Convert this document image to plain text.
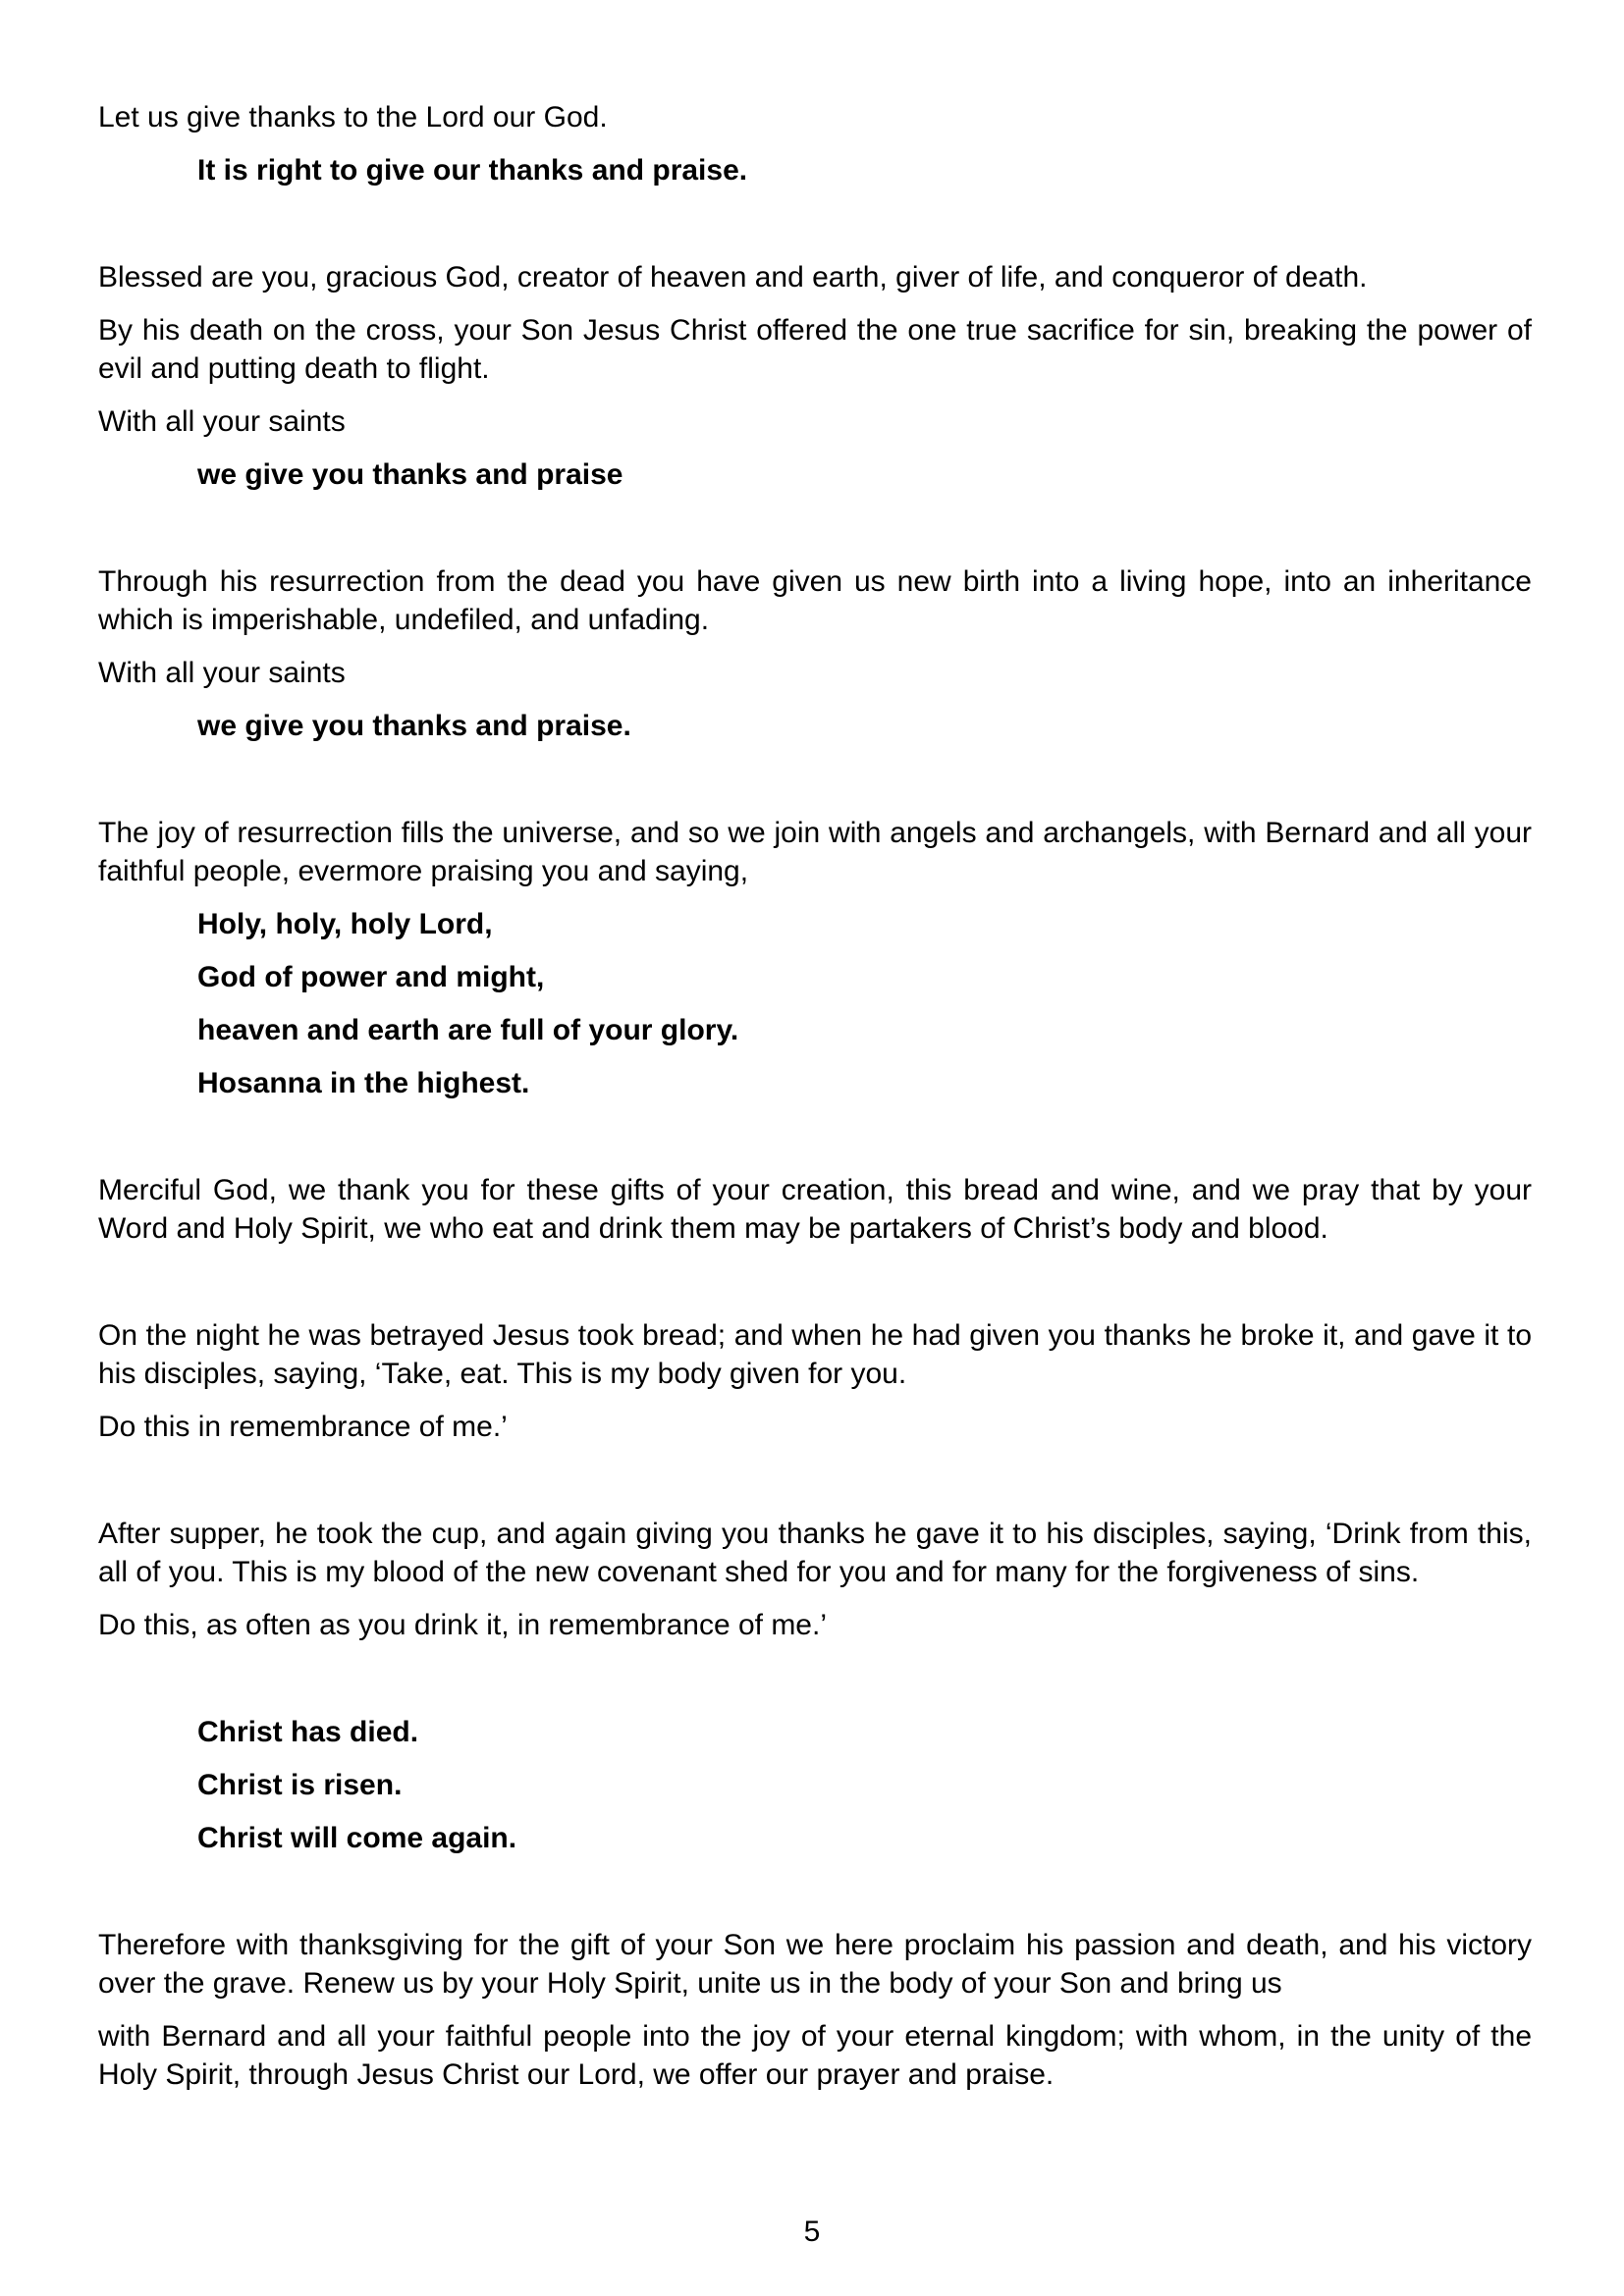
Let us give thanks to the Lord our God.

It is right to give our thanks and praise.

Blessed are you, gracious God, creator of heaven and earth, giver of life, and conqueror of death.

By his death on the cross, your Son Jesus Christ offered the one true sacrifice for sin, breaking the power of evil and putting death to flight.

With all your saints

we give you thanks and praise

Through his resurrection from the dead you have given us new birth into a living hope, into an inheritance which is imperishable, undefiled, and unfading.

With all your saints

we give you thanks and praise.

The joy of resurrection fills the universe, and so we join with angels and archangels, with Bernard and all your faithful people, evermore praising you and saying,

Holy, holy, holy Lord,

God of power and might,

heaven and earth are full of your glory.

Hosanna in the highest.

Merciful God, we thank you for these gifts of your creation, this bread and wine, and we pray that by your Word and Holy Spirit, we who eat and drink them may be partakers of Christ’s body and blood.

On the night he was betrayed Jesus took bread; and when he had given you thanks he broke it, and gave it to his disciples, saying, ‘Take, eat. This is my body given for you.

Do this in remembrance of me.’

After supper, he took the cup, and again giving you thanks he gave it to his disciples, saying, ‘Drink from this, all of you. This is my blood of the new covenant shed for you and for many for the forgiveness of sins.

Do this, as often as you drink it, in remembrance of me.’

Christ has died.

Christ is risen.

Christ will come again.

Therefore with thanksgiving for the gift of your Son we here proclaim his passion and death, and his victory over the grave. Renew us by your Holy Spirit, unite us in the body of your Son and bring us

with Bernard and all your faithful people into the joy of your eternal kingdom; with whom, in the unity of the Holy Spirit, through Jesus Christ our Lord, we offer our prayer and praise.

5
